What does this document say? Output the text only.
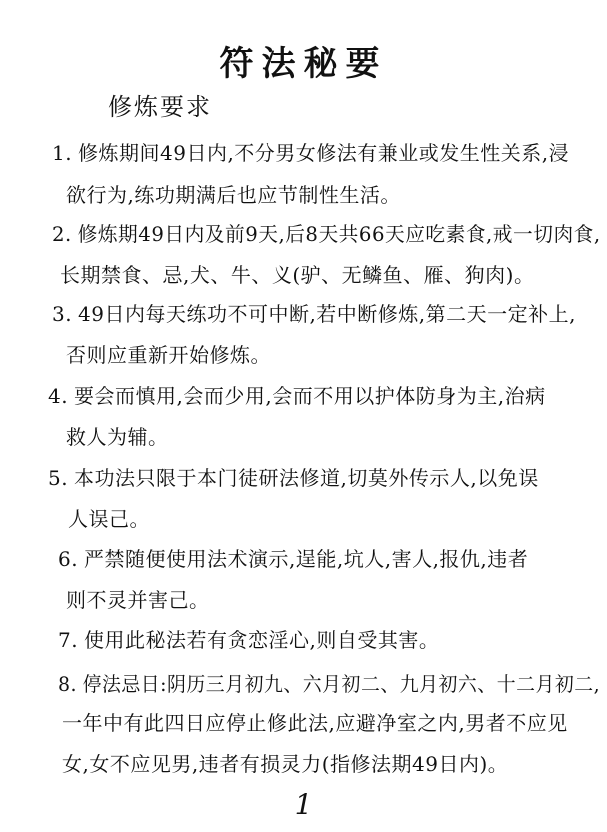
符法秘要
修炼要求
1. 修炼期间49日内,不分男女修法有兼业或发生性关系,浸
欲行为,练功期满后也应节制性生活。
2. 修炼期49日内及前9天,后8天共66天应吃素食,戒一切肉食,
长期禁食、忌,犬、牛、义(驴、无鳞鱼、雁、狗肉)。
3. 49日内每天练功不可中断,若中断修炼,第二天一定补上,
否则应重新开始修炼。
4. 要会而慎用,会而少用,会而不用以护体防身为主,治病
救人为辅。
5. 本功法只限于本门徒研法修道,切莫外传示人,以免误
人误己。
6. 严禁随便使用法术演示,逞能,坑人,害人,报仇,违者
则不灵并害己。
7. 使用此秘法若有贪恋淫心,则自受其害。
8. 停法忌日:阴历三月初九、六月初二、九月初六、十二月初二,
一年中有此四日应停止修此法,应避净室之内,男者不应见
女,女不应见男,违者有损灵力(指修法期49日内)。
1
